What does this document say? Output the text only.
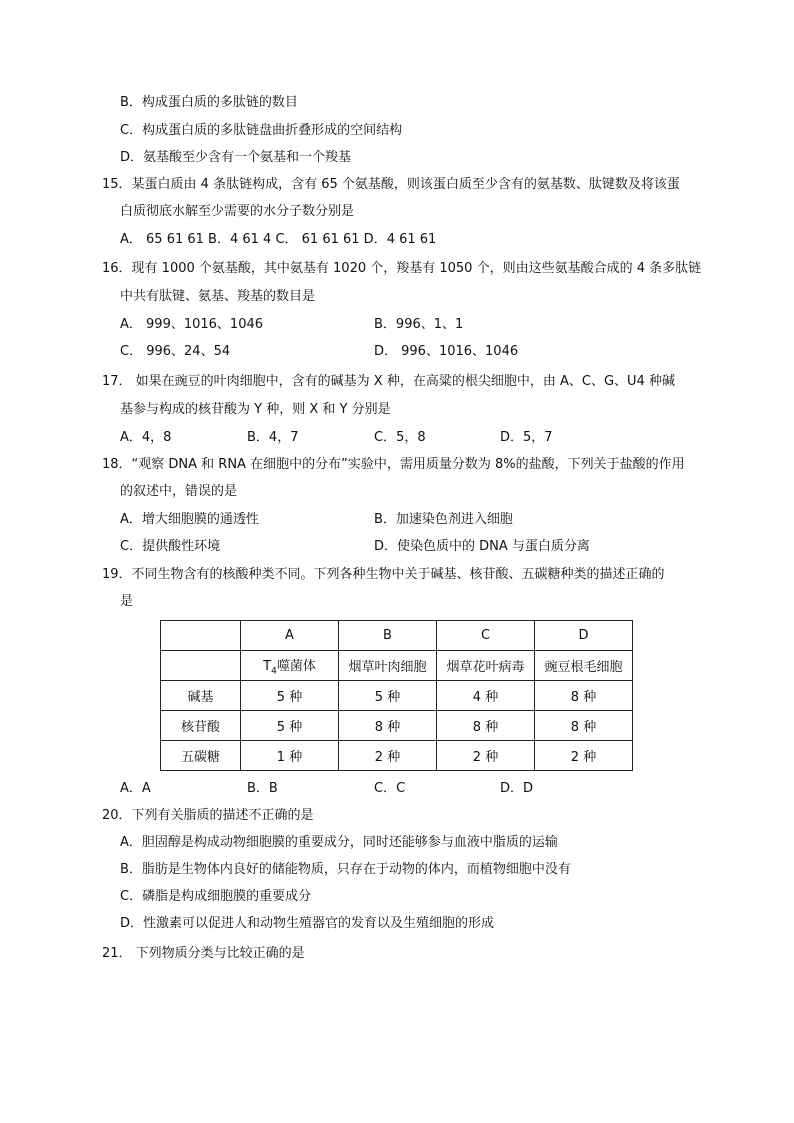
B．构成蛋白质的多肽链的数目
C．构成蛋白质的多肽链盘曲折叠形成的空间结构
D．氨基酸至少含有一个氨基和一个羧基
15．某蛋白质由 4 条肽链构成，含有 65 个氨基酸，则该蛋白质至少含有的氨基数、肽键数及将该蛋
白质彻底水解至少需要的水分子数分别是
A． 65 61 61 B．4 61 4 C． 61 61 61 D．4 61 61
16．现有 1000 个氨基酸，其中氨基有 1020 个，羧基有 1050 个，则由这些氨基酸合成的 4 条多肽链
中共有肽键、氨基、羧基的数目是
A． 999、1016、1046	B．996、1、1
C． 996、24、54	D． 996、1016、1046
17． 如果在豌豆的叶肉细胞中，含有的碱基为 X 种，在高粱的根尖细胞中，由 A、C、G、U4 种碱
基参与构成的核苷酸为 Y 种，则 X 和 Y 分别是
A．4，8	B．4，7	C．5，8	D．5，7
18．“观察 DNA 和 RNA 在细胞中的分布”实验中，需用质量分数为 8%的盐酸，下列关于盐酸的作用
的叙述中，错误的是
A．增大细胞膜的通透性	B．加速染色剂进入细胞
C．提供酸性环境	D．使染色质中的 DNA 与蛋白质分离
19．不同生物含有的核酸种类不同。下列各种生物中关于碱基、核苷酸、五碳糖种类的描述正确的
是
	A	B	C	D
	$T_4$噬菌体	烟草叶肉细胞	烟草花叶病毒	豌豆根毛细胞
碱基	5 种	5 种	4 种	8 种
核苷酸	5 种	8 种	8 种	8 种
五碳糖	1 种	2 种	2 种	2 种
A．A	B．B	C．C	D．D
20．下列有关脂质的描述不正确的是
A．胆固醇是构成动物细胞膜的重要成分，同时还能够参与血液中脂质的运输
B．脂肪是生物体内良好的储能物质，只存在于动物的体内，而植物细胞中没有
C．磷脂是构成细胞膜的重要成分
D．性激素可以促进人和动物生殖器官的发育以及生殖细胞的形成
21． 下列物质分类与比较正确的是
